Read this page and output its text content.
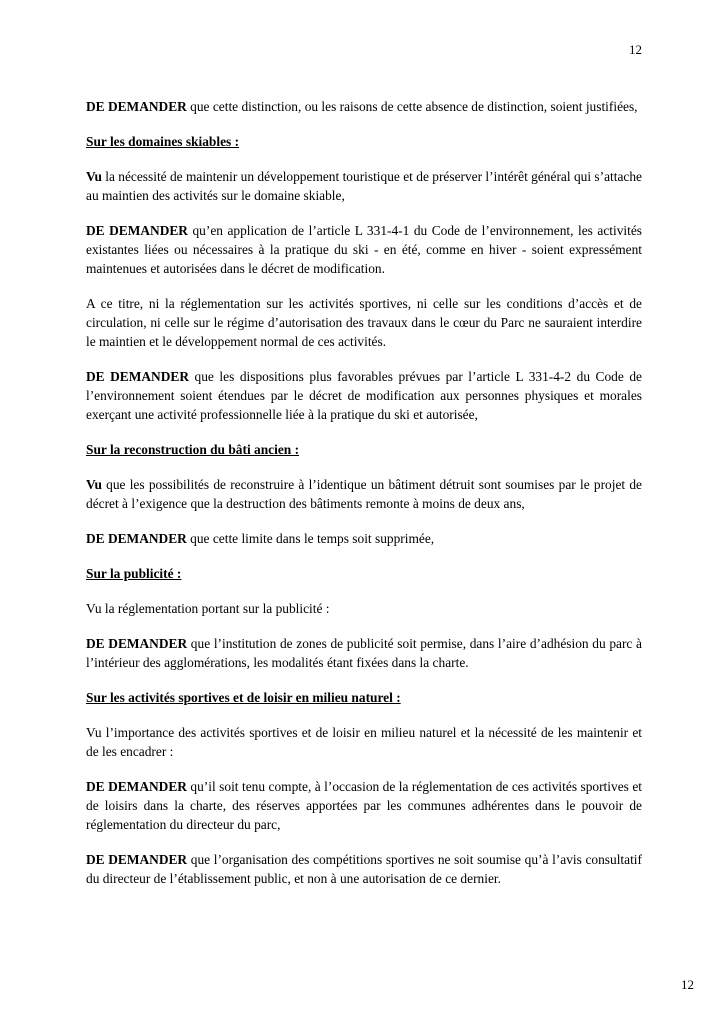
12

DE DEMANDER que cette distinction, ou les raisons de cette absence de distinction, soient justifiées,

Sur les domaines skiables :

Vu la nécessité de maintenir un développement touristique et de préserver l’intérêt général qui s’attache au maintien des activités sur le domaine skiable,

DE DEMANDER qu’en application de l’article L 331-4-1 du Code de l’environnement, les activités existantes liées ou nécessaires à la pratique du ski - en été, comme en hiver - soient expressément maintenues et autorisées dans le décret de modification.

A ce titre, ni la réglementation sur les activités sportives, ni celle sur les conditions d’accès et de circulation, ni celle sur le régime d’autorisation des travaux dans le cœur du Parc ne sauraient interdire le maintien et le développement normal de ces activités.

DE DEMANDER que les dispositions plus favorables prévues par l’article L 331-4-2 du Code de l’environnement soient étendues par le décret de modification aux personnes physiques et morales exerçant une activité professionnelle liée à la pratique du ski et autorisée,

Sur la reconstruction du bâti ancien :

Vu que les possibilités de reconstruire à l’identique un bâtiment détruit sont soumises par le projet de décret à l’exigence que la destruction des bâtiments remonte à moins de deux ans,

DE DEMANDER que cette limite dans le temps soit supprimée,

Sur la publicité :

Vu la réglementation portant sur la publicité :

DE DEMANDER que l’institution de zones de publicité soit permise, dans l’aire d’adhésion du parc à l’intérieur des agglomérations, les modalités étant fixées dans la charte.

Sur les activités sportives et de loisir en milieu naturel :

Vu l’importance des activités sportives et de loisir en milieu naturel et la nécessité de les maintenir et de les encadrer :

DE DEMANDER qu’il soit tenu compte, à l’occasion de la réglementation de ces activités sportives et de loisirs dans la charte, des réserves apportées par les communes adhérentes dans le pouvoir de réglementation du directeur du parc,

DE DEMANDER que l’organisation des compétitions sportives ne soit soumise qu’à l’avis consultatif du directeur de l’établissement public, et non à une autorisation de ce dernier.

12
